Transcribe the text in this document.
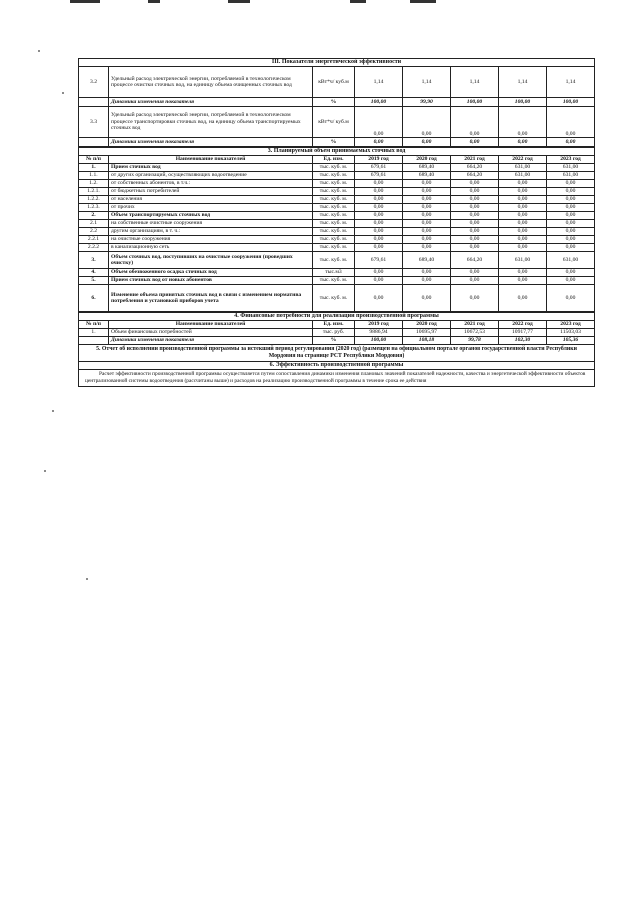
III. Показатели энергетической эффективности							
3.2	Удельный расход электрической энергии, потребляемой в технологическом процессе очистки сточных вод, на единицу объема очищенных сточных вод	кВт*ч/ куб.м	1,14	1,14	1,14	1,14	1,14
	Динамика изменения показателя	%	100,00	99,90	100,00	100,00	100,00
3.3	Удельный расход электрической энергии, потребляемой в технологическом процессе транспортировки сточных вод, на единицу объема транспортируемых сточных вод	кВт*ч/ куб.м	0,00	0,00	0,00	0,00	0,00
	Динамика изменения показателя	%	0,00	0,00	0,00	0,00	0,00
3. Планируемый объем принимаемых сточных вод							
№ п/п	Наименование показателей	Ед. изм.	2019 год	2020 год	2021 год	2022 год	2023 год
1.	Прием сточных вод	тыс. куб. м.	679,61	689,40	664,20	631,00	631,00
1.1.	от других организаций, осуществляющих водоотведение	тыс. куб. м.	679,61	689,40	664,20	631,00	631,00
1.2.	от собственных абонентов, в т.ч.:	тыс. куб. м.	0,00	0,00	0,00	0,00	0,00
1.2.1.	от бюджетных потребителей	тыс. куб. м.	0,00	0,00	0,00	0,00	0,00
1.2.2.	от населения	тыс. куб. м.	0,00	0,00	0,00	0,00	0,00
1.2.3.	от прочих	тыс. куб. м.	0,00	0,00	0,00	0,00	0,00
2.	Объем транспортируемых сточных вод	тыс. куб. м.	0,00	0,00	0,00	0,00	0,00
2.1	на собственные очистные сооружения	тыс. куб. м.	0,00	0,00	0,00	0,00	0,00
2.2	другим организациям, в т. ч.:	тыс. куб. м.	0,00	0,00	0,00	0,00	0,00
2.2.1	на очистные сооружения	тыс. куб. м.	0,00	0,00	0,00	0,00	0,00
2.2.2	в канализационную сеть	тыс. куб. м.	0,00	0,00	0,00	0,00	0,00
3.	Объем сточных вод, поступивших на очистные сооружения (проведших очистку)	тыс. куб. м.	679,61	689,40	664,20	631,00	631,00
4.	Объем обезвоженного осадка сточных вод	тыс.м3	0,00	0,00	0,00	0,00	0,00
5.	Прием сточных вод от новых абонентов	тыс. куб. м.	0,00	0,00	0,00	0,00	0,00
6.	Изменение объема принятых сточных вод в связи с изменением норматива потребления и установкой приборов учета	тыс. куб. м.	0,00	0,00	0,00	0,00	0,00
4. Финансовые потребности для реализации производственной программы							
№ п/п	Наименование показателей	Ед. изм.	2019 год	2020 год	2021 год	2022 год	2023 год
1.	Объем финансовых потребностей	тыс. руб.	9886,94	10695,97	10672,53	10917,77	11503,03
	Динамика изменения показателя	%	100,00	108,18	99,78	102,30	105,36
5. Отчет об исполнении производственной программы за истекший период регулирования (2020 год) (размещен на официальном портале органов государственной власти Республики Мордовия на странице РСТ Республики Мордовия)							
6. Эффективность производственной программы							
Расчет эффективности производственной программы осуществляется путем сопоставления динамики изменения плановых значений показателей надежности, качества и энергетической эффективности объектов централизованной системы водоотведения (рассчитаны выше) и расходов на реализацию производственной программы в течение срока ее действия							
